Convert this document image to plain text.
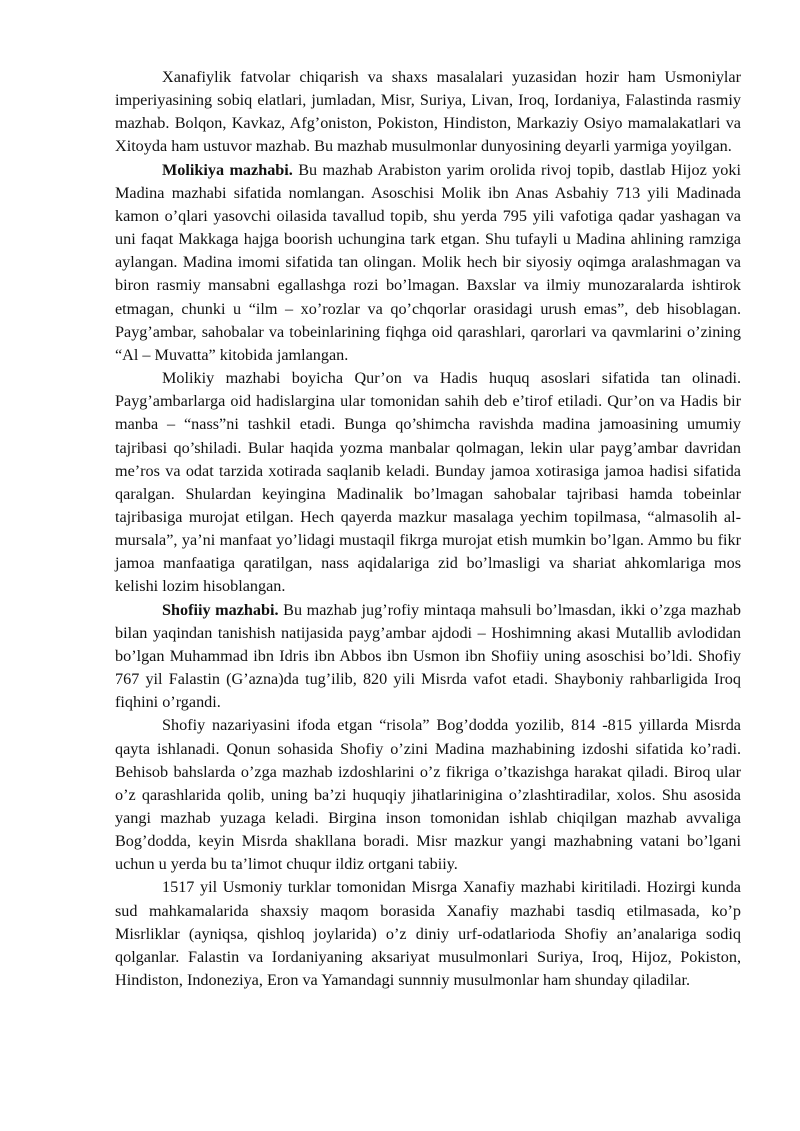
Xanafiylik fatvolar chiqarish va shaxs masalalari yuzasidan hozir ham Usmoniylar imperiyasining sobiq elatlari, jumladan, Misr, Suriya, Livan, Iroq, Iordaniya, Falastinda rasmiy mazhab. Bolqon, Kavkaz, Afg’oniston, Pokiston, Hindiston, Markaziy Osiyo mamalakatlari va Xitoyda ham ustuvor mazhab. Bu mazhab musulmonlar dunyosining deyarli yarmiga yoyilgan.

Molikiya mazhabi. Bu mazhab Arabiston yarim orolida rivoj topib, dastlab Hijoz yoki Madina mazhabi sifatida nomlangan. Asoschisi Molik ibn Anas Asbahiy 713 yili Madinada kamon o’qlari yasovchi oilasida tavallud topib, shu yerda 795 yili vafotiga qadar yashagan va uni faqat Makkaga hajga boorish uchungina tark etgan. Shu tufayli u Madina ahlining ramziga aylangan. Madina imomi sifatida tan olingan. Molik hech bir siyosiy oqimga aralashmagan va biron rasmiy mansabni egallashga rozi bo’lmagan. Baxslar va ilmiy munozaralarda ishtirok etmagan, chunki u “ilm – xo’rozlar va qo’chqorlar orasidagi urush emas”, deb hisoblagan. Payg’ambar, sahobalar va tobeinlarining fiqhga oid qarashlari, qarorlari va qavmlarini o’zining “Al – Muvatta” kitobida jamlangan.

Molikiy mazhabi boyicha Qur’on va Hadis huquq asoslari sifatida tan olinadi. Payg’ambarlarga oid hadislargina ular tomonidan sahih deb e’tirof etiladi. Qur’on va Hadis bir manba – “nass”ni tashkil etadi. Bunga qo’shimcha ravishda madina jamoasining umumiy tajribasi qo’shiladi. Bular haqida yozma manbalar qolmagan, lekin ular payg’ambar davridan me’ros va odat tarzida xotirada saqlanib keladi. Bunday jamoa xotirasiga jamoa hadisi sifatida qaralgan. Shulardan keyingina Madinalik bo’lmagan sahobalar tajribasi hamda tobeinlar tajribasiga murojat etilgan. Hech qayerda mazkur masalaga yechim topilmasa, “almasolih al-mursala”, ya’ni manfaat yo’lidagi mustaqil fikrga murojat etish mumkin bo’lgan. Ammo bu fikr jamoa manfaatiga qaratilgan, nass aqidalariga zid bo’lmasligi va shariat ahkomlariga mos kelishi lozim hisoblangan.

Shofiiy mazhabi. Bu mazhab jug’rofiy mintaqa mahsuli bo’lmasdan, ikki o’zga mazhab bilan yaqindan tanishish natijasida payg’ambar ajdodi – Hoshimning akasi Mutallib avlodidan bo’lgan Muhammad ibn Idris ibn Abbos ibn Usmon ibn Shofiiy uning asoschisi bo’ldi. Shofiy 767 yil Falastin (G’azna)da tug’ilib, 820 yili Misrda vafot etadi. Shayboniy rahbarligida Iroq fiqhini o’rgandi.

Shofiy nazariyasini ifoda etgan “risola” Bog’dodda yozilib, 814 -815 yillarda Misrda qayta ishlanadi. Qonun sohasida Shofiy o’zini Madina mazhabining izdoshi sifatida ko’radi. Behisob bahslarda o’zga mazhab izdoshlarini o’z fikriga o’tkazishga harakat qiladi. Biroq ular o’z qarashlarida qolib, uning ba’zi huquqiy jihatlarinigina o’zlashtiradilar, xolos. Shu asosida yangi mazhab yuzaga keladi. Birgina inson tomonidan ishlab chiqilgan mazhab avvaliga Bog’dodda, keyin Misrda shakllana boradi. Misr mazkur yangi mazhabning vatani bo’lgani uchun u yerda bu ta’limot chuqur ildiz ortgani tabiiy.

1517 yil Usmoniy turklar tomonidan Misrga Xanafiy mazhabi kiritiladi. Hozirgi kunda sud mahkamalarida shaxsiy maqom borasida Xanafiy mazhabi tasdiq etilmasada, ko’p Misrliklar (ayniqsa, qishloq joylarida) o’z diniy urf-odatlarioda Shofiy an’analariga sodiq qolganlar. Falastin va Iordaniyaning aksariyat musulmonlari Suriya, Iroq, Hijoz, Pokiston, Hindiston, Indoneziya, Eron va Yamandagi sunnniy musulmonlar ham shunday qiladilar.
